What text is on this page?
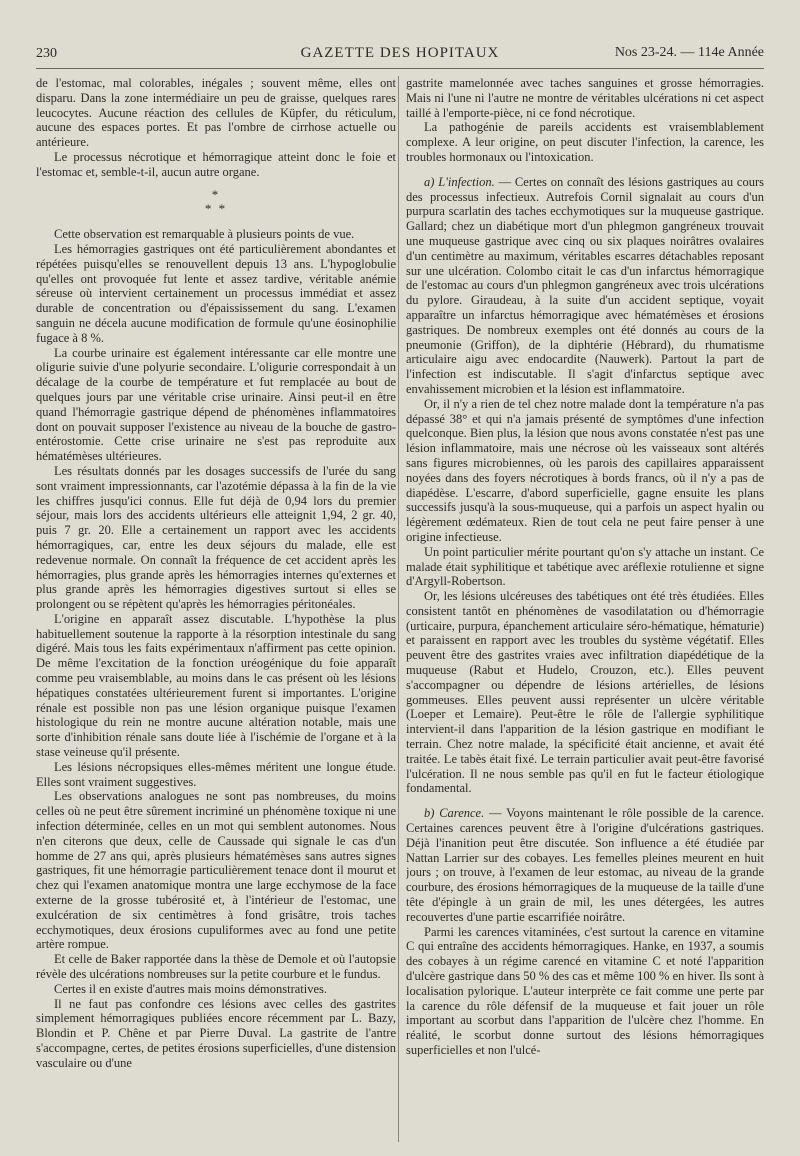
230	GAZETTE DES HOPITAUX	Nos 23-24. — 114e Année

de l'estomac, mal colorables, inégales ; souvent même, elles ont disparu. Dans la zone intermédiaire un peu de graisse, quelques rares leucocytes. Aucune réaction des cellules de Küpfer, du réticulum, aucune des espaces portes. Et pas l'ombre de cirrhose actuelle ou antérieure.

Le processus nécrotique et hémorragique atteint donc le foie et l'estomac et, semble-t-il, aucun autre organe.

*
* *

Cette observation est remarquable à plusieurs points de vue.

Les hémorragies gastriques ont été particulièrement abondantes et répétées puisqu'elles se renouvellent depuis 13 ans. L'hypoglobulie qu'elles ont provoquée fut lente et assez tardive, véritable anémie séreuse où intervient certainement un processus immédiat et assez durable de concentration ou d'épaississement du sang. L'examen sanguin ne décela aucune modification de formule qu'une éosinophilie fugace à 8 %.

La courbe urinaire est également intéressante car elle montre une oligurie suivie d'une polyurie secondaire. L'oligurie correspondait à un décalage de la courbe de température et fut remplacée au bout de quelques jours par une véritable crise urinaire. Ainsi peut-il en être quand l'hémorragie gastrique dépend de phénomènes inflammatoires dont on pouvait supposer l'existence au niveau de la bouche de gastro-entérostomie. Cette crise urinaire ne s'est pas reproduite aux hématémèses ultérieures.

Les résultats donnés par les dosages successifs de l'urée du sang sont vraiment impressionnants, car l'azotémie dépassa à la fin de la vie les chiffres jusqu'ici connus. Elle fut déjà de 0,94 lors du premier séjour, mais lors des accidents ultérieurs elle atteignit 1,94, 2 gr. 40, puis 7 gr. 20. Elle a certainement un rapport avec les accidents hémorragiques, car, entre les deux séjours du malade, elle est redevenue normale. On connaît la fréquence de cet accident après les hémorragies, plus grande après les hémorragies internes qu'externes et plus grande après les hémorragies digestives surtout si elles se prolongent ou se répètent qu'après les hémorragies péritonéales.

L'origine en apparaît assez discutable. L'hypothèse la plus habituellement soutenue la rapporte à la résorption intestinale du sang digéré. Mais tous les faits expérimentaux n'affirment pas cette opinion. De même l'excitation de la fonction uréogénique du foie apparaît comme peu vraisemblable, au moins dans le cas présent où les lésions hépatiques constatées ultérieurement furent si importantes. L'origine rénale est possible non pas une lésion organique puisque l'examen histologique du rein ne montre aucune altération notable, mais une sorte d'inhibition rénale sans doute liée à l'ischémie de l'organe et à la stase veineuse qu'il présente.

Les lésions nécropsiques elles-mêmes méritent une longue étude. Elles sont vraiment suggestives.

Les observations analogues ne sont pas nombreuses, du moins celles où ne peut être sûrement incriminé un phénomène toxique ni une infection déterminée, celles en un mot qui semblent autonomes. Nous n'en citerons que deux, celle de Caussade qui signale le cas d'un homme de 27 ans qui, après plusieurs hématémèses sans autres signes gastriques, fit une hémorragie particulièrement tenace dont il mourut et chez qui l'examen anatomique montra une large ecchymose de la face externe de la grosse tubérosité et, à l'intérieur de l'estomac, une exulcération de six centimètres à fond grisâtre, trois taches ecchymotiques, deux érosions cupuliformes avec au fond une petite artère rompue.

Et celle de Baker rapportée dans la thèse de Demole et où l'autopsie révèle des ulcérations nombreuses sur la petite courbure et le fundus.

Certes il en existe d'autres mais moins démonstratives.

Il ne faut pas confondre ces lésions avec celles des gastrites simplement hémorragiques publiées encore récemment par L. Bazy, Blondin et P. Chêne et par Pierre Duval. La gastrite de l'antre s'accompagne, certes, de petites érosions superficielles, d'une distension vasculaire ou d'une

gastrite mamelonnée avec taches sanguines et grosse hémorragies. Mais ni l'une ni l'autre ne montre de véritables ulcérations ni cet aspect taillé à l'emporte-pièce, ni ce fond nécrotique.

La pathogénie de pareils accidents est vraisemblablement complexe. A leur origine, on peut discuter l'infection, la carence, les troubles hormonaux ou l'intoxication.

a) L'infection. — Certes on connaît des lésions gastriques au cours des processus infectieux. Autrefois Cornil signalait au cours d'un purpura scarlatin des taches ecchymotiques sur la muqueuse gastrique. Gallard; chez un diabétique mort d'un phlegmon gangréneux trouvait une muqueuse gastrique avec cinq ou six plaques noirâtres ovalaires d'un centimètre au maximum, véritables escarres détachables reposant sur une ulcération. Colombo citait le cas d'un infarctus hémorragique de l'estomac au cours d'un phlegmon gangréneux avec trois ulcérations du pylore. Giraudeau, à la suite d'un accident septique, voyait apparaître un infarctus hémorragique avec hématémèses et érosions gastriques. De nombreux exemples ont été donnés au cours de la pneumonie (Griffon), de la diphtérie (Hébrard), du rhumatisme articulaire aigu avec endocardite (Nauwerk). Partout la part de l'infection est indiscutable. Il s'agit d'infarctus septique avec envahissement microbien et la lésion est inflammatoire.

Or, il n'y a rien de tel chez notre malade dont la température n'a pas dépassé 38° et qui n'a jamais présenté de symptômes d'une infection quelconque. Bien plus, la lésion que nous avons constatée n'est pas une lésion inflammatoire, mais une nécrose où les vaisseaux sont altérés sans figures microbiennes, où les parois des capillaires apparaissent noyées dans des foyers nécrotiques à bords francs, où il n'y a pas de diapédèse. L'escarre, d'abord superficielle, gagne ensuite les plans successifs jusqu'à la sous-muqueuse, qui a parfois un aspect hyalin ou légèrement œdémateux. Rien de tout cela ne peut faire penser à une origine infectieuse.

Un point particulier mérite pourtant qu'on s'y attache un instant. Ce malade était syphilitique et tabétique avec aréflexie rotulienne et signe d'Argyll-Robertson.

Or, les lésions ulcéreuses des tabétiques ont été très étudiées. Elles consistent tantôt en phénomènes de vasodilatation ou d'hémorragie (urticaire, purpura, épanchement articulaire séro-hématique, hématurie) et paraissent en rapport avec les troubles du système végétatif. Elles peuvent être des gastrites vraies avec infiltration diapédétique de la muqueuse (Rabut et Hudelo, Crouzon, etc.). Elles peuvent s'accompagner ou dépendre de lésions artérielles, de lésions gommeuses. Elles peuvent aussi représenter un ulcère véritable (Loeper et Lemaire). Peut-être le rôle de l'allergie syphilitique intervient-il dans l'apparition de la lésion gastrique en modifiant le terrain. Chez notre malade, la spécificité était ancienne, et avait été traitée. Le tabès était fixé. Le terrain particulier avait peut-être favorisé l'ulcération. Il ne nous semble pas qu'il en fut le facteur étiologique fondamental.

b) Carence. — Voyons maintenant le rôle possible de la carence. Certaines carences peuvent être à l'origine d'ulcérations gastriques. Déjà l'inanition peut être discutée. Son influence a été étudiée par Nattan Larrier sur des cobayes. Les femelles pleines meurent en huit jours ; on trouve, à l'examen de leur estomac, au niveau de la grande courbure, des érosions hémorragiques de la muqueuse de la taille d'une tête d'épingle à un grain de mil, les unes détergées, les autres recouvertes d'une partie escarrifiée noirâtre.

Parmi les carences vitaminées, c'est surtout la carence en vitamine C qui entraîne des accidents hémorragiques. Hanke, en 1937, a soumis des cobayes à un régime carencé en vitamine C et noté l'apparition d'ulcère gastrique dans 50 % des cas et même 100 % en hiver. Ils sont à localisation pylorique. L'auteur interprète ce fait comme une perte par la carence du rôle défensif de la muqueuse et fait jouer un rôle important au scorbut dans l'apparition de l'ulcère chez l'homme. En réalité, le scorbut donne surtout des lésions hémorragiques superficielles et non l'ulcé-
